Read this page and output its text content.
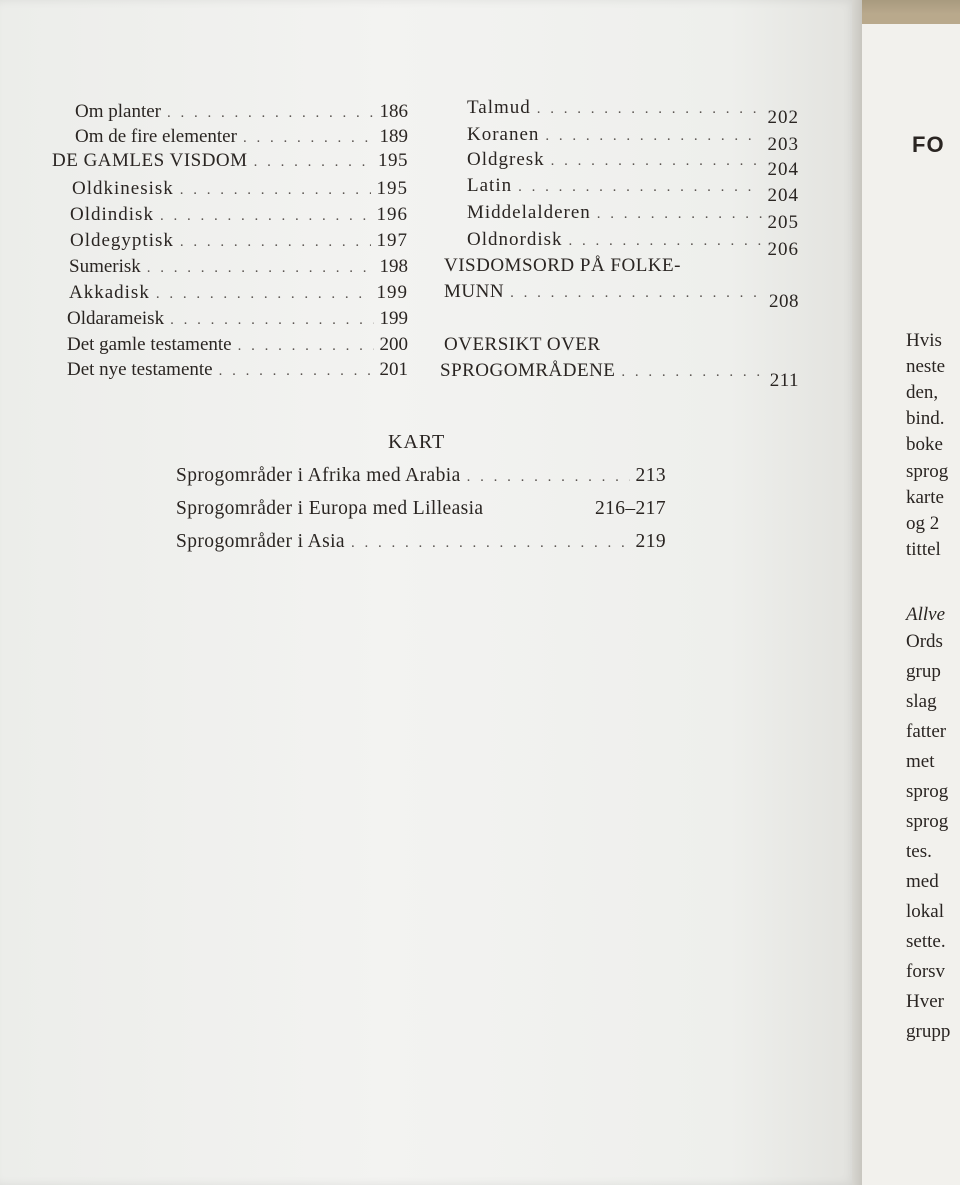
Om planter . . .	186
Om de fire elementer . . .	189
DE GAMLES VISDOM . . .	195
Oldkinesisk . . .	195
Oldindisk . . .	196
Oldegyptisk . . .	197
Sumerisk . . .	198
Akkadisk . . .	199
Oldarameisk . . .	199
Det gamle testamente . . .	200
Det nye testamente . . .	201
Talmud . . .	202
Koranen . . .	203
Oldgresk . . .	204
Latin . . .	204
Middelalderen . . .	205
Oldnordisk . . .	206
VISDOMSORD PÅ FOLKE-
MUNN . . .	208
OVERSIKT OVER
SPROGOMRÅDENE . . .	211
KART
Sprogområder i Afrika med Arabia . . .	213
Sprogområder i Europa med Lilleasia	216–217
Sprogområder i Asia . . .	219
FO
Hvis
neste
den,
bind.
boke
sprog
karte
og 2
tittel
Allve
Ords
grup
slag
fatter
met
sprog
sprog
tes.
med
lokal
sette.
forsv
Hver
grupp
